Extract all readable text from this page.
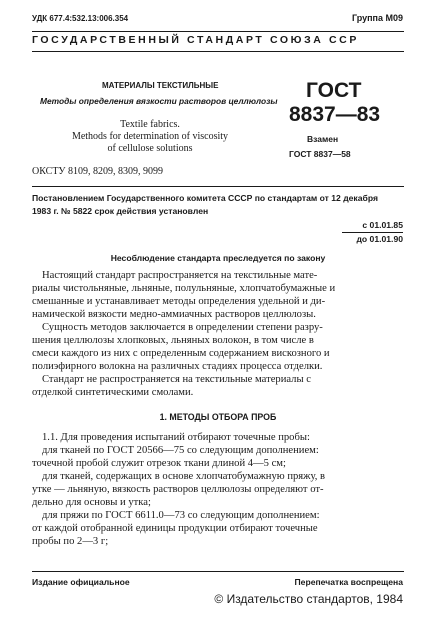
УДК 677.4:532.13:006.354	Группа М09
ГОСУДАРСТВЕННЫЙ СТАНДАРТ СОЮЗА ССР
МАТЕРИАЛЫ ТЕКСТИЛЬНЫЕ
Методы определения вязкости растворов целлюлозы
Textile fabrics.
Methods for determination of viscosity
of cellulose solutions
ОКСТУ 8109, 8209, 8309, 9099
ГОСТ
8837—83
Взамен
ГОСТ 8837—58
Постановлением Государственного комитета СССР по стандартам от 12 декабря
1983 г. № 5822 срок действия установлен
с 01.01.85
до 01.01.90
Несоблюдение стандарта преследуется по закону
Настоящий стандарт распространяется на текстильные мате-
риалы чистольняные, льняные, полульняные, хлопчатобумажные и
смешанные и устанавливает методы определения удельной и ди-
намической вязкости медно-аммиачных растворов целлюлозы.
Сущность методов заключается в определении степени разру-
шения целлюлозы хлопковых, льняных волокон, в том числе в
смеси каждого из них с определенным содержанием вискозного и
полиэфирного волокна на различных стадиях процесса отделки.
Стандарт не распространяется на текстильные материалы с
отделкой синтетическими смолами.
1. МЕТОДЫ ОТБОРА ПРОБ
1.1. Для проведения испытаний отбирают точечные пробы:
для тканей по ГОСТ 20566—75 со следующим дополнением:
точечной пробой служит отрезок ткани длиной 4—5 см;
для тканей, содержащих в основе хлопчатобумажную пряжу, в
утке — льняную, вязкость растворов целлюлозы определяют от-
дельно для основы и утка;
для пряжи по ГОСТ 6611.0—73 со следующим дополнением:
от каждой отобранной единицы продукции отбирают точечные
пробы по 2—3 г;
Издание официальное	Перепечатка воспрещена
© Издательство стандартов, 1984
